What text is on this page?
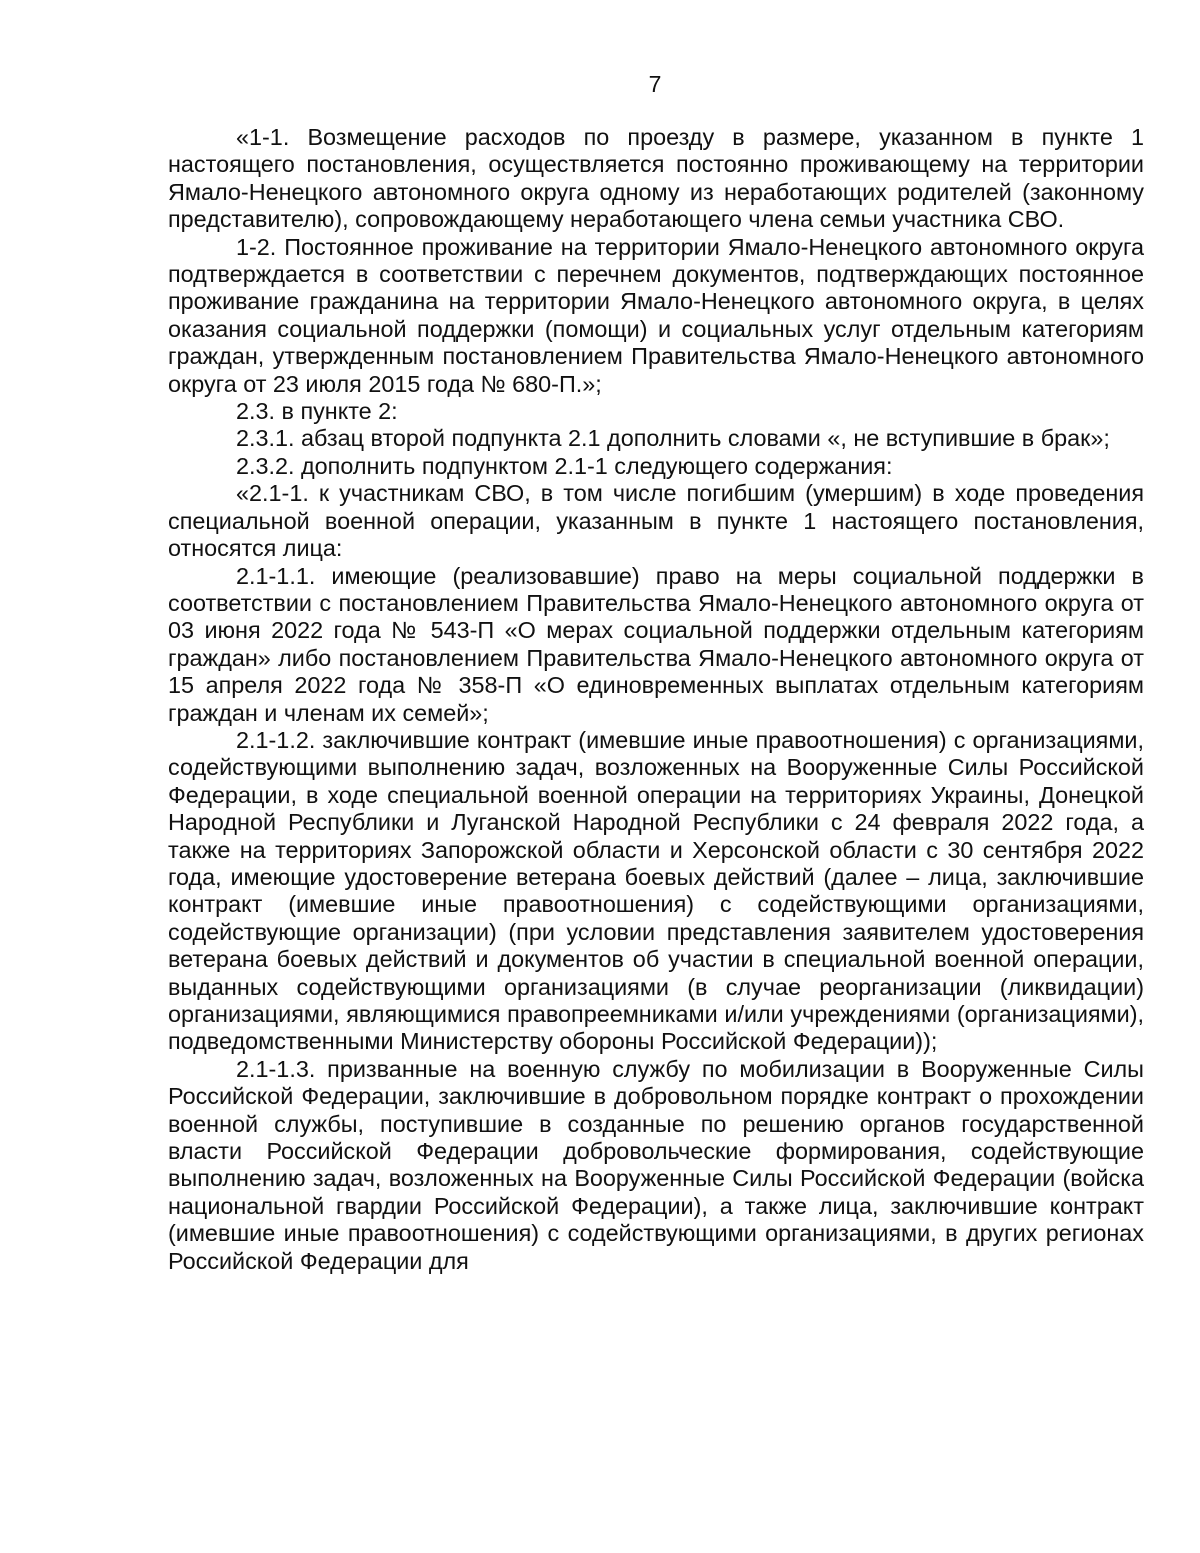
7

«1-1. Возмещение расходов по проезду в размере, указанном в пункте 1 настоящего постановления, осуществляется постоянно проживающему на территории Ямало-Ненецкого автономного округа одному из неработающих родителей (законному представителю), сопровождающему неработающего члена семьи участника СВО.

1-2. Постоянное проживание на территории Ямало-Ненецкого автономного округа подтверждается в соответствии с перечнем документов, подтверждающих постоянное проживание гражданина на территории Ямало-Ненецкого автономного округа, в целях оказания социальной поддержки (помощи) и социальных услуг отдельным категориям граждан, утвержденным постановлением Правительства Ямало-Ненецкого автономного округа от 23 июля 2015 года № 680-П.»;

2.3. в пункте 2:

2.3.1. абзац второй подпункта 2.1 дополнить словами «, не вступившие в брак»;

2.3.2. дополнить подпунктом 2.1-1 следующего содержания:

«2.1-1. к участникам СВО, в том числе погибшим (умершим) в ходе проведения специальной военной операции, указанным в пункте 1 настоящего постановления, относятся лица:

2.1-1.1. имеющие (реализовавшие) право на меры социальной поддержки в соответствии с постановлением Правительства Ямало-Ненецкого автономного округа от 03 июня 2022 года № 543-П «О мерах социальной поддержки отдельным категориям граждан» либо постановлением Правительства Ямало-Ненецкого автономного округа от 15 апреля 2022 года № 358-П «О единовременных выплатах отдельным категориям граждан и членам их семей»;

2.1-1.2. заключившие контракт (имевшие иные правоотношения) с организациями, содействующими выполнению задач, возложенных на Вооруженные Силы Российской Федерации, в ходе специальной военной операции на территориях Украины, Донецкой Народной Республики и Луганской Народной Республики с 24 февраля 2022 года, а также на территориях Запорожской области и Херсонской области с 30 сентября 2022 года, имеющие удостоверение ветерана боевых действий (далее – лица, заключившие контракт (имевшие иные правоотношения) с содействующими организациями, содействующие организации) (при условии представления заявителем удостоверения ветерана боевых действий и документов об участии в специальной военной операции, выданных содействующими организациями (в случае реорганизации (ликвидации) организациями, являющимися правопреемниками и/или учреждениями (организациями), подведомственными Министерству обороны Российской Федерации));

2.1-1.3. призванные на военную службу по мобилизации в Вооруженные Силы Российской Федерации, заключившие в добровольном порядке контракт о прохождении военной службы, поступившие в созданные по решению органов государственной власти Российской Федерации добровольческие формирования, содействующие выполнению задач, возложенных на Вооруженные Силы Российской Федерации (войска национальной гвардии Российской Федерации), а также лица, заключившие контракт (имевшие иные правоотношения) с содействующими организациями, в других регионах Российской Федерации для
